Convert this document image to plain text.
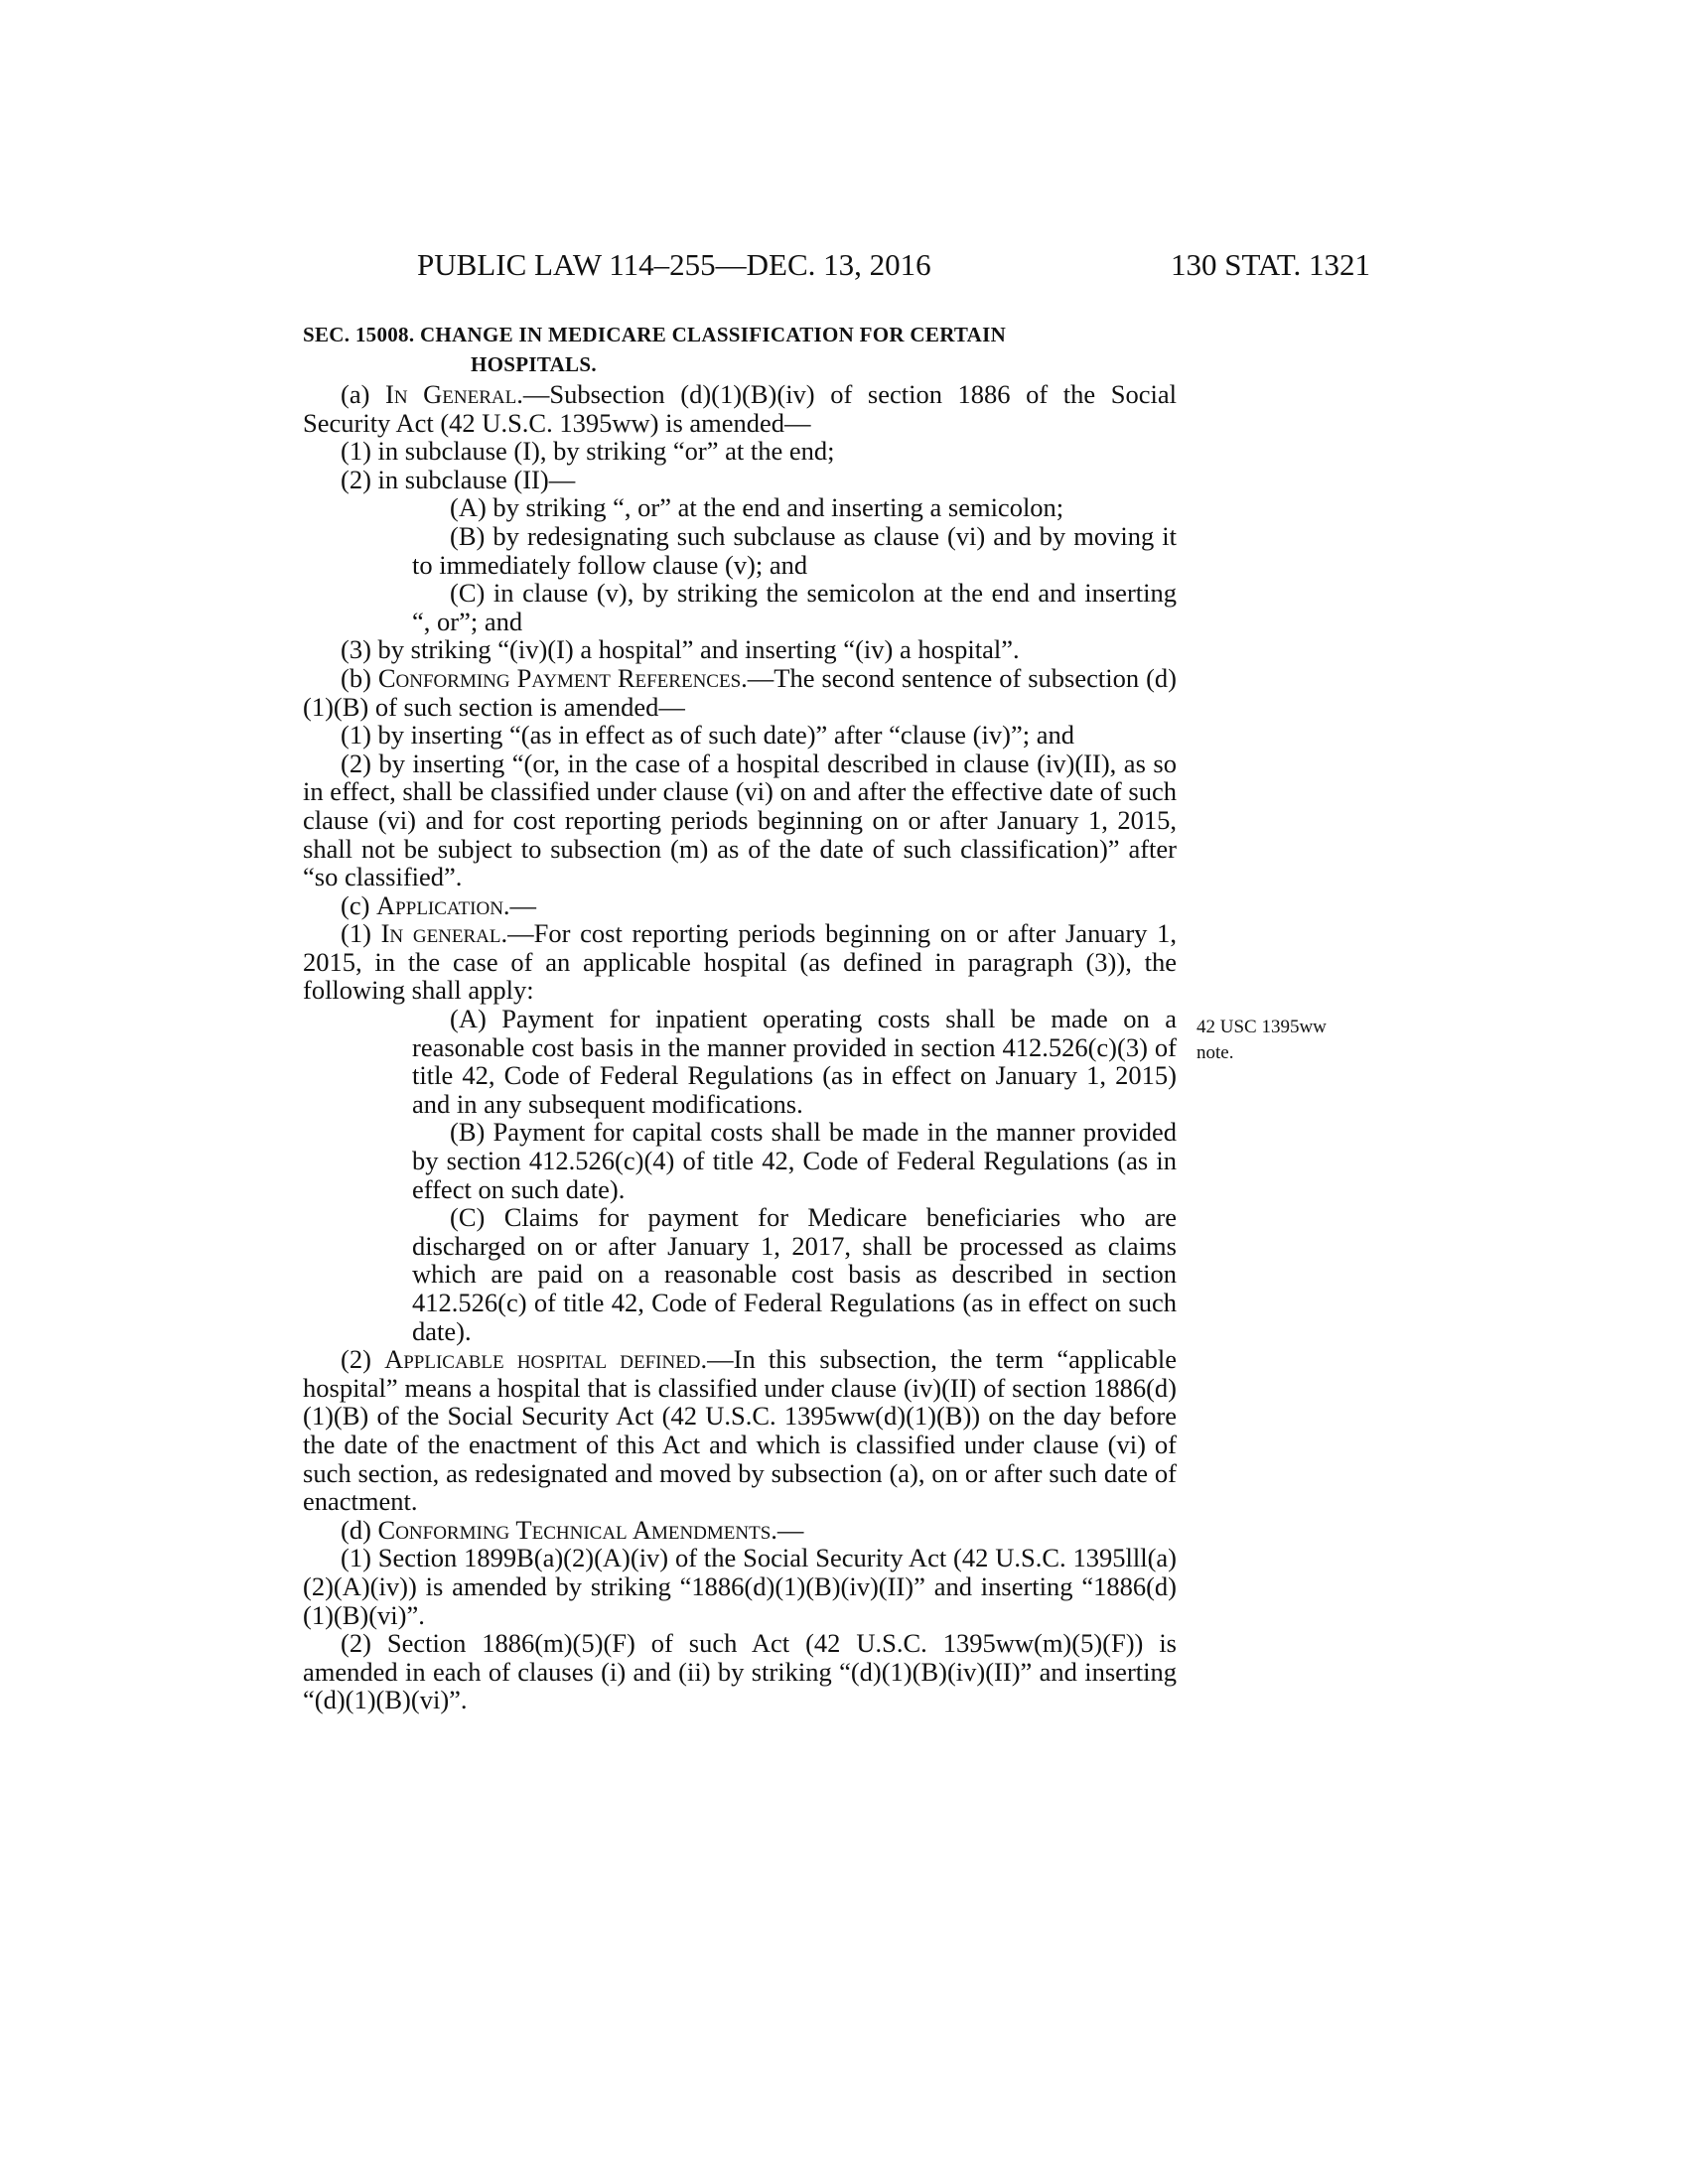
PUBLIC LAW 114–255—DEC. 13, 2016	130 STAT. 1321
SEC. 15008. CHANGE IN MEDICARE CLASSIFICATION FOR CERTAIN
HOSPITALS.

(a) In General.—Subsection (d)(1)(B)(iv) of section 1886 of the Social Security Act (42 U.S.C. 1395ww) is amended—

(1) in subclause (I), by striking “or” at the end;

(2) in subclause (II)—

(A) by striking “, or” at the end and inserting a semicolon;

(B) by redesignating such subclause as clause (vi) and by moving it to immediately follow clause (v); and

(C) in clause (v), by striking the semicolon at the end and inserting “, or”; and

(3) by striking “(iv)(I) a hospital” and inserting “(iv) a hospital”.

(b) Conforming Payment References.—The second sentence of subsection (d)(1)(B) of such section is amended—

(1) by inserting “(as in effect as of such date)” after “clause (iv)”; and

(2) by inserting “(or, in the case of a hospital described in clause (iv)(II), as so in effect, shall be classified under clause (vi) on and after the effective date of such clause (vi) and for cost reporting periods beginning on or after January 1, 2015, shall not be subject to subsection (m) as of the date of such classification)” after “so classified”.

(c) Application.—

(1) In general.—For cost reporting periods beginning on or after January 1, 2015, in the case of an applicable hospital (as defined in paragraph (3)), the following shall apply:

(A) Payment for inpatient operating costs shall be made on a reasonable cost basis in the manner provided in section 412.526(c)(3) of title 42, Code of Federal Regulations (as in effect on January 1, 2015) and in any subsequent modifications.

(B) Payment for capital costs shall be made in the manner provided by section 412.526(c)(4) of title 42, Code of Federal Regulations (as in effect on such date).

(C) Claims for payment for Medicare beneficiaries who are discharged on or after January 1, 2017, shall be processed as claims which are paid on a reasonable cost basis as described in section 412.526(c) of title 42, Code of Federal Regulations (as in effect on such date).

(2) Applicable hospital defined.—In this subsection, the term “applicable hospital” means a hospital that is classified under clause (iv)(II) of section 1886(d)(1)(B) of the Social Security Act (42 U.S.C. 1395ww(d)(1)(B)) on the day before the date of the enactment of this Act and which is classified under clause (vi) of such section, as redesignated and moved by subsection (a), on or after such date of enactment.

(d) Conforming Technical Amendments.—

(1) Section 1899B(a)(2)(A)(iv) of the Social Security Act (42 U.S.C. 1395lll(a)(2)(A)(iv)) is amended by striking “1886(d)(1)(B)(iv)(II)” and inserting “1886(d)(1)(B)(vi)”.

(2) Section 1886(m)(5)(F) of such Act (42 U.S.C. 1395ww(m)(5)(F)) is amended in each of clauses (i) and (ii) by striking “(d)(1)(B)(iv)(II)” and inserting “(d)(1)(B)(vi)”.

42 USC 1395ww
note.
